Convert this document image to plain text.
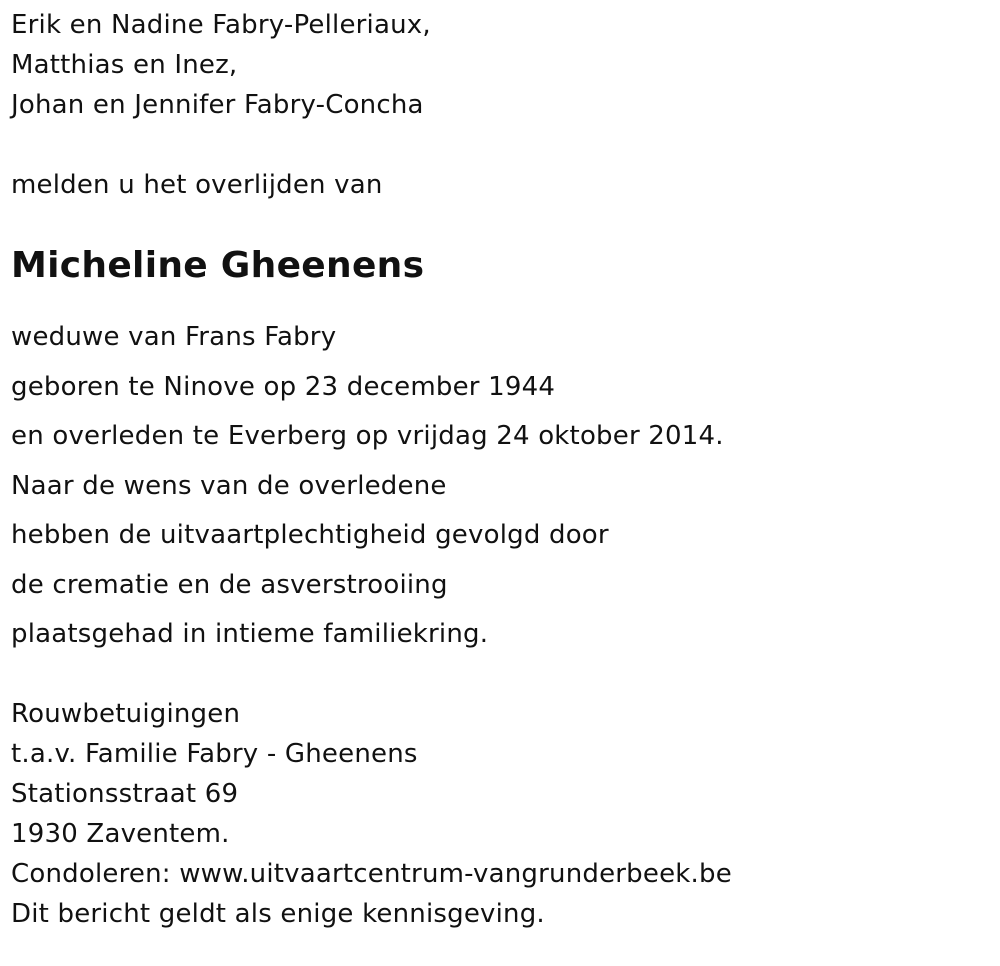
Erik en Nadine Fabry-Pelleriaux,
Matthias en Inez,
Johan en Jennifer Fabry-Concha
melden u het overlijden van
Micheline Gheenens
weduwe van Frans Fabry
geboren te Ninove op 23 december 1944
en overleden te Everberg op vrijdag 24 oktober 2014.
Naar de wens van de overledene
hebben de uitvaartplechtigheid gevolgd door
de crematie en de asverstrooiing
plaatsgehad in intieme familiekring.
Rouwbetuigingen
t.a.v. Familie Fabry - Gheenens
Stationsstraat 69
1930 Zaventem.
Condoleren: www.uitvaartcentrum-vangrunderbeek.be
Dit bericht geldt als enige kennisgeving.
